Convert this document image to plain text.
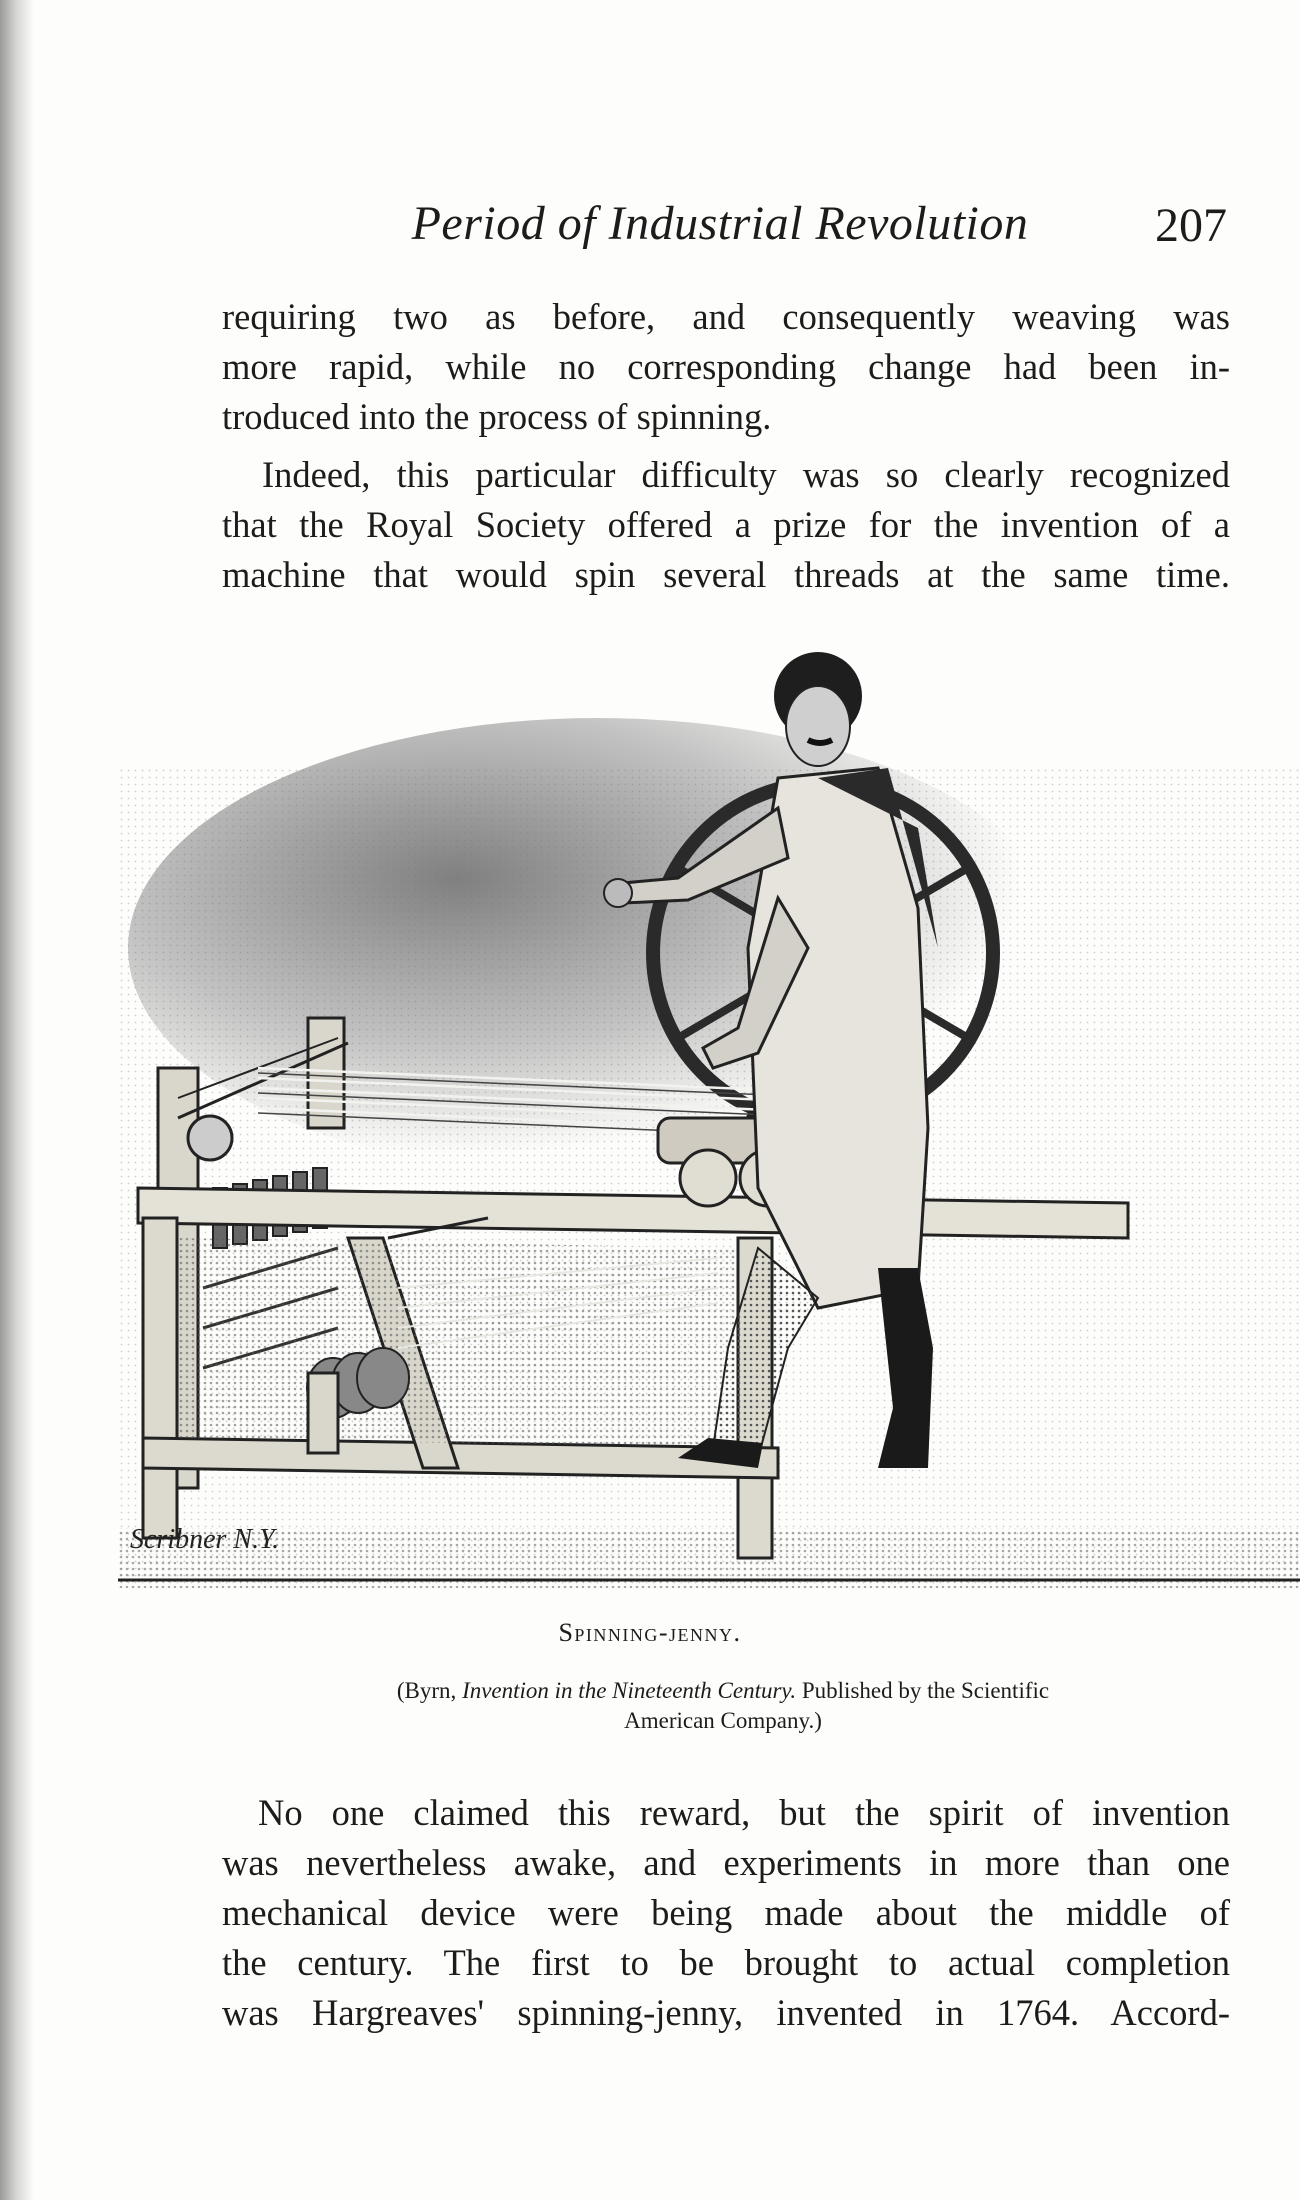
Period of Industrial Revolution	207

requiring two as before, and consequently weaving was
more rapid, while no corresponding change had been in-
troduced into the process of spinning.

Indeed, this particular difficulty was so clearly recognized
that the Royal Society offered a prize for the invention of a
machine that would spin several threads at the same time.

Scribner N.Y.
Spinning-jenny.
(Byrn, Invention in the Nineteenth Century. Published by the Scientific
American Company.)

No one claimed this reward, but the spirit of invention
was nevertheless awake, and experiments in more than one
mechanical device were being made about the middle of
the century. The first to be brought to actual completion
was Hargreaves' spinning-jenny, invented in 1764. Accord-
